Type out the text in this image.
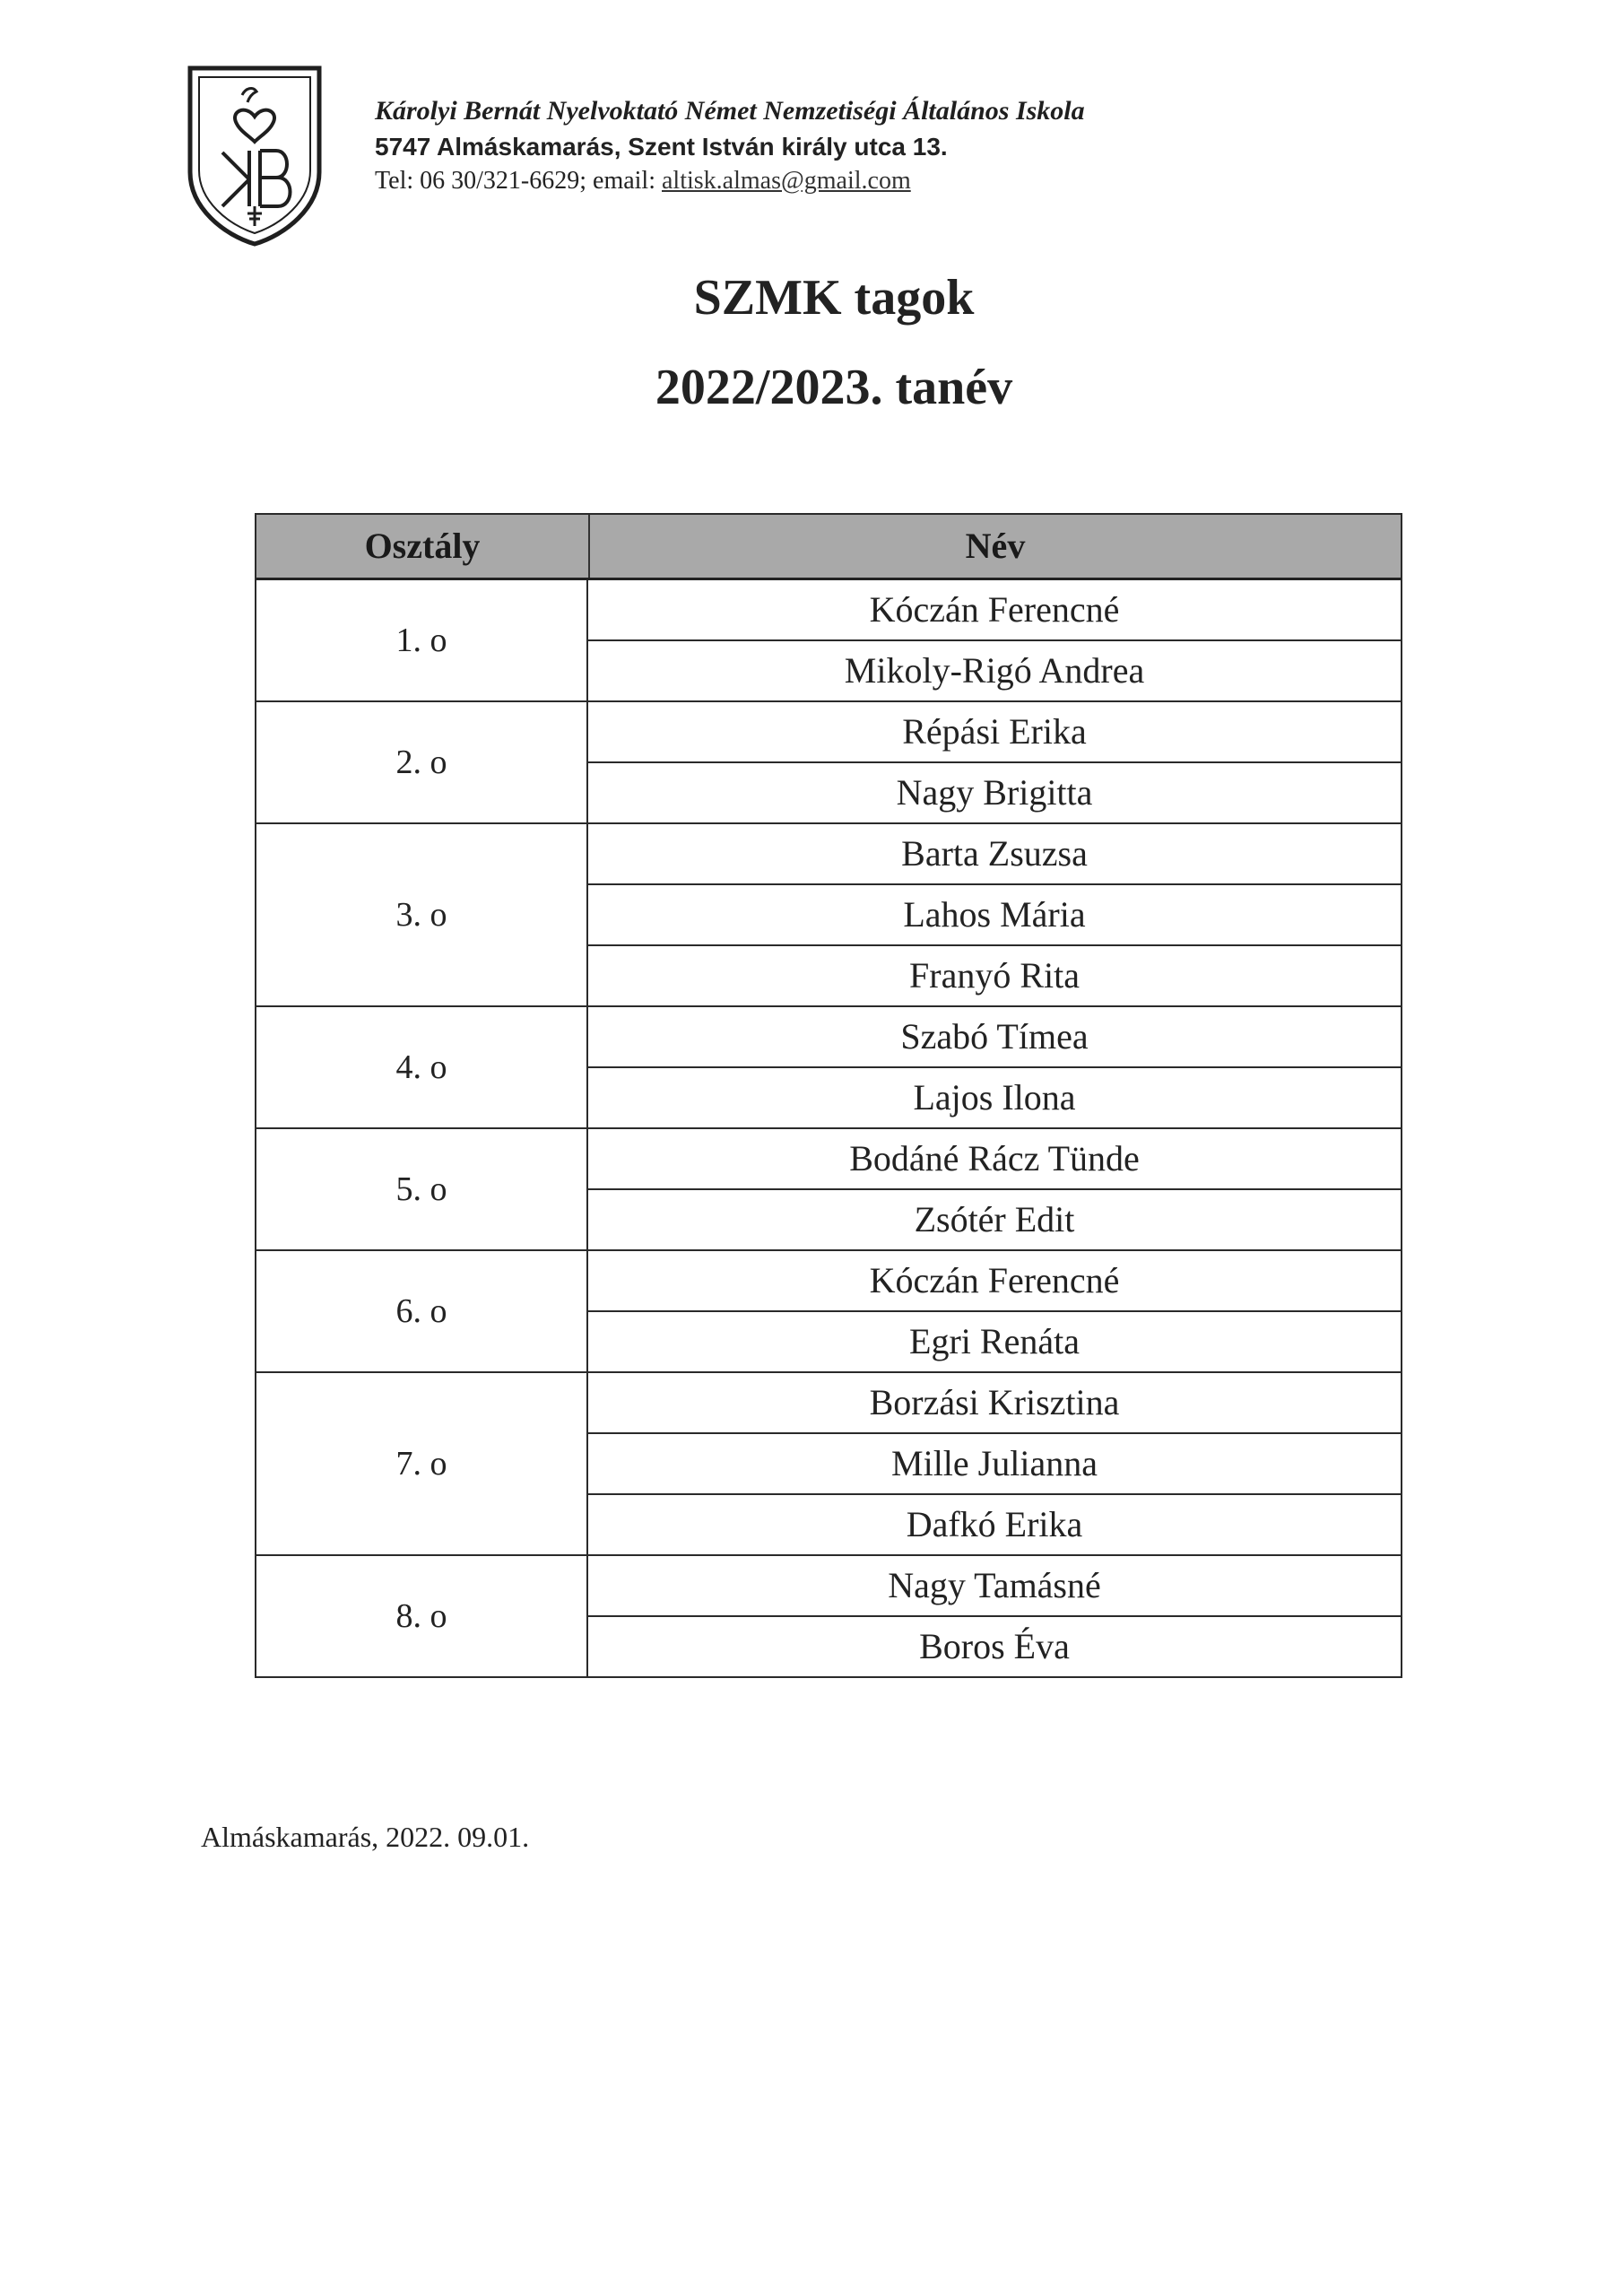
Károlyi Bernát Nyelvoktató Német Nemzetiségi Általános Iskola
5747 Almáskamarás, Szent István király utca 13.
Tel: 06 30/321-6629; email: altisk.almas@gmail.com
SZMK tagok
2022/2023. tanév
Osztály	Név
1. o
Kóczán Ferencné
Mikoly-Rigó Andrea
2. o
Répási Erika
Nagy Brigitta
3. o
Barta Zsuzsa
Lahos Mária
Franyó Rita
4. o
Szabó Tímea
Lajos Ilona
5. o
Bodáné Rácz Tünde
Zsótér Edit
6. o
Kóczán Ferencné
Egri Renáta
7. o
Borzási Krisztina
Mille Julianna
Dafkó Erika
8. o
Nagy Tamásné
Boros Éva
Almáskamarás, 2022. 09.01.
